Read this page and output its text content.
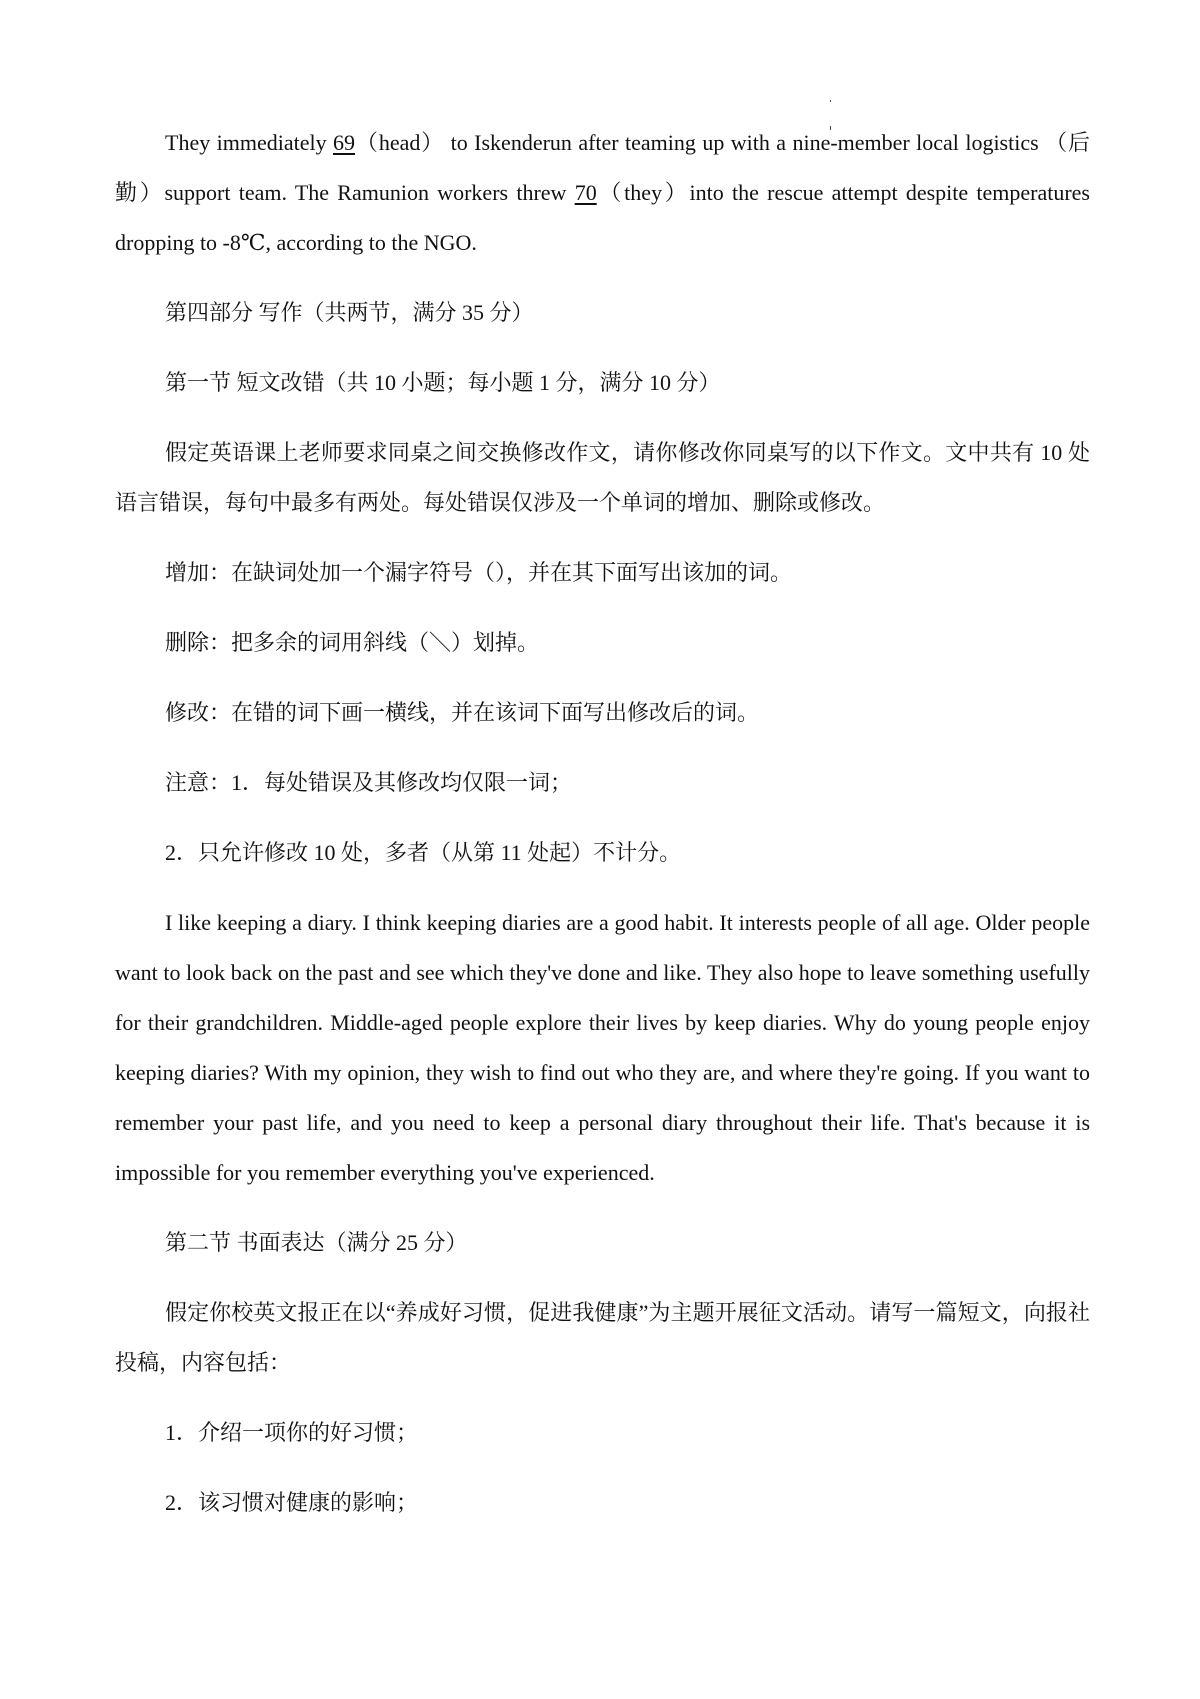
They immediately 69（head） to Iskenderun after teaming up with a nine-member local logistics （后勤）support team. The Ramunion workers threw 70（they）into the rescue attempt despite temperatures dropping to -8℃, according to the NGO.

第四部分 写作（共两节，满分 35 分）

第一节 短文改错（共 10 小题；每小题 1 分，满分 10 分）

假定英语课上老师要求同桌之间交换修改作文，请你修改你同桌写的以下作文。文中共有 10 处语言错误，每句中最多有两处。每处错误仅涉及一个单词的增加、删除或修改。

增加：在缺词处加一个漏字符号（），并在其下面写出该加的词。

删除：把多余的词用斜线（＼）划掉。

修改：在错的词下画一横线，并在该词下面写出修改后的词。

注意：1．每处错误及其修改均仅限一词；

2．只允许修改 10 处，多者（从第 11 处起）不计分。

I like keeping a diary. I think keeping diaries are a good habit. It interests people of all age. Older people want to look back on the past and see which they've done and like. They also hope to leave something usefully for their grandchildren. Middle-aged people explore their lives by keep diaries. Why do young people enjoy keeping diaries? With my opinion, they wish to find out who they are, and where they're going. If you want to remember your past life, and you need to keep a personal diary throughout their life. That's because it is impossible for you remember everything you've experienced.

第二节 书面表达（满分 25 分）

假定你校英文报正在以“养成好习惯，促进我健康”为主题开展征文活动。请写一篇短文，向报社投稿，内容包括：

1．介绍一项你的好习惯；

2．该习惯对健康的影响；
